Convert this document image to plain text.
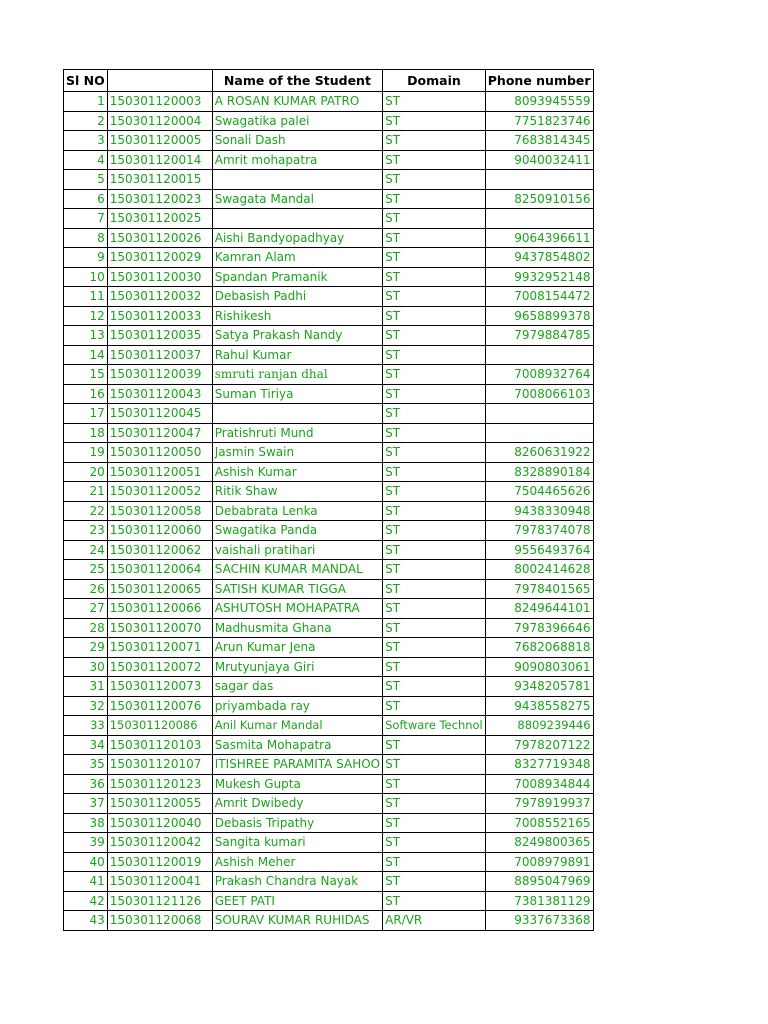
Sl NO		Name of the Student	Domain	Phone number
1	150301120003	A ROSAN KUMAR PATRO	ST	8093945559
2	150301120004	Swagatika palei	ST	7751823746
3	150301120005	Sonali Dash	ST	7683814345
4	150301120014	Amrit mohapatra	ST	9040032411
5	150301120015		ST	
6	150301120023	Swagata Mandal	ST	8250910156
7	150301120025		ST	
8	150301120026	Aishi Bandyopadhyay	ST	9064396611
9	150301120029	Kamran Alam	ST	9437854802
10	150301120030	Spandan Pramanik	ST	9932952148
11	150301120032	Debasish Padhi	ST	7008154472
12	150301120033	Rishikesh	ST	9658899378
13	150301120035	Satya Prakash Nandy	ST	7979884785
14	150301120037	Rahul Kumar	ST	
15	150301120039	smruti ranjan dhal	ST	7008932764
16	150301120043	Suman Tiriya	ST	7008066103
17	150301120045		ST	
18	150301120047	Pratishruti Mund	ST	
19	150301120050	Jasmin Swain	ST	8260631922
20	150301120051	Ashish Kumar	ST	8328890184
21	150301120052	Ritik Shaw	ST	7504465626
22	150301120058	Debabrata Lenka	ST	9438330948
23	150301120060	Swagatika Panda	ST	7978374078
24	150301120062	vaishali pratihari	ST	9556493764
25	150301120064	SACHIN KUMAR MANDAL	ST	8002414628
26	150301120065	SATISH KUMAR TIGGA	ST	7978401565
27	150301120066	ASHUTOSH MOHAPATRA	ST	8249644101
28	150301120070	Madhusmita Ghana	ST	7978396646
29	150301120071	Arun Kumar Jena	ST	7682068818
30	150301120072	Mrutyunjaya Giri	ST	9090803061
31	150301120073	sagar das	ST	9348205781
32	150301120076	priyambada ray	ST	9438558275
33	150301120086	Anil Kumar Mandal	Software Technol	8809239446
34	150301120103	Sasmita Mohapatra	ST	7978207122
35	150301120107	ITISHREE PARAMITA SAHOO	ST	8327719348
36	150301120123	Mukesh Gupta	ST	7008934844
37	150301120055	Amrit Dwibedy	ST	7978919937
38	150301120040	Debasis Tripathy	ST	7008552165
39	150301120042	Sangita kumari	ST	8249800365
40	150301120019	Ashish Meher	ST	7008979891
41	150301120041	Prakash Chandra Nayak	ST	8895047969
42	150301121126	GEET PATI	ST	7381381129
43	150301120068	SOURAV KUMAR RUHIDAS	AR/VR	9337673368
